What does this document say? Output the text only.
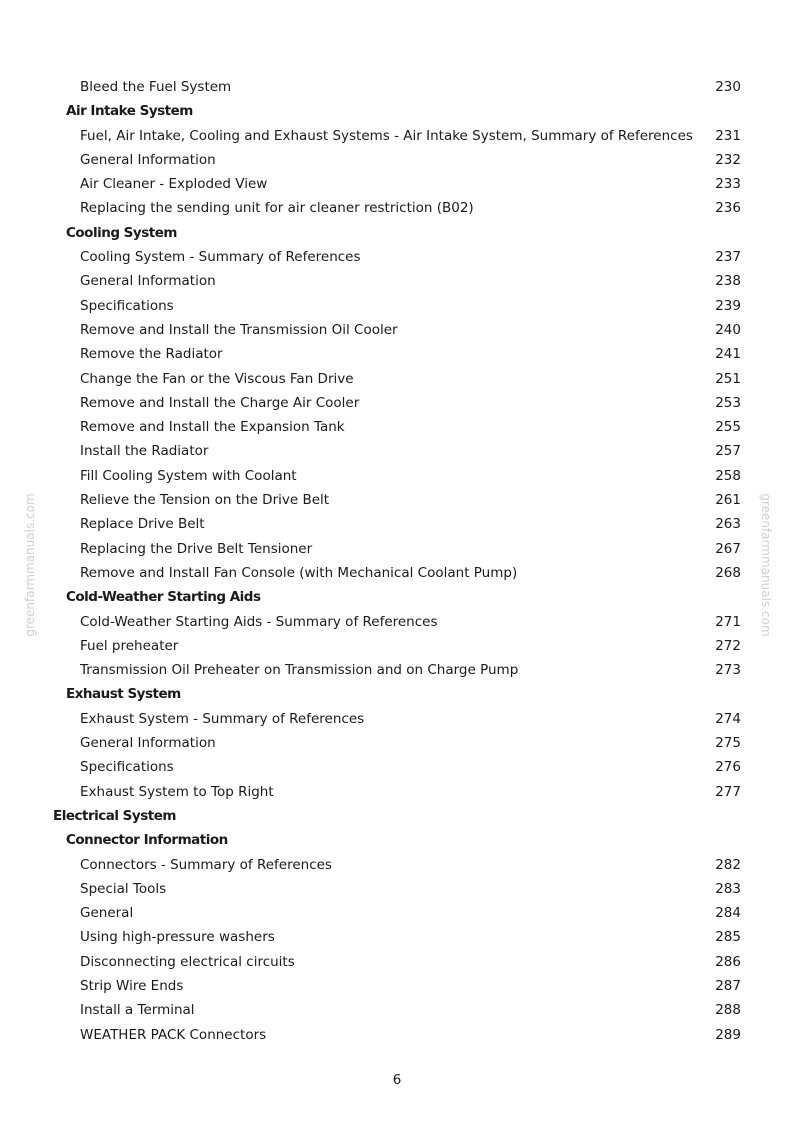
Bleed the Fuel System	230
Air Intake System
Fuel, Air Intake, Cooling and Exhaust Systems - Air Intake System, Summary of References 231
General Information	232
Air Cleaner - Exploded View	233
Replacing the sending unit for air cleaner restriction (B02)	236
Cooling System
Cooling System - Summary of References	237
General Information	238
Specifications	239
Remove and Install the Transmission Oil Cooler	240
Remove the Radiator	241
Change the Fan or the Viscous Fan Drive	251
Remove and Install the Charge Air Cooler	253
Remove and Install the Expansion Tank	255
Install the Radiator	257
Fill Cooling System with Coolant	258
Relieve the Tension on the Drive Belt	261
Replace Drive Belt	263
Replacing the Drive Belt Tensioner	267
Remove and Install Fan Console (with Mechanical Coolant Pump)	268
Cold-Weather Starting Aids
Cold-Weather Starting Aids - Summary of References	271
Fuel preheater	272
Transmission Oil Preheater on Transmission and on Charge Pump	273
Exhaust System
Exhaust System - Summary of References	274
General Information	275
Specifications	276
Exhaust System to Top Right	277
Electrical System
Connector Information
Connectors - Summary of References	282
Special Tools	283
General	284
Using high-pressure washers	285
Disconnecting electrical circuits	286
Strip Wire Ends	287
Install a Terminal	288
WEATHER PACK Connectors	289
greenfarmmanuals.com	greenfarmmanuals.com
6
